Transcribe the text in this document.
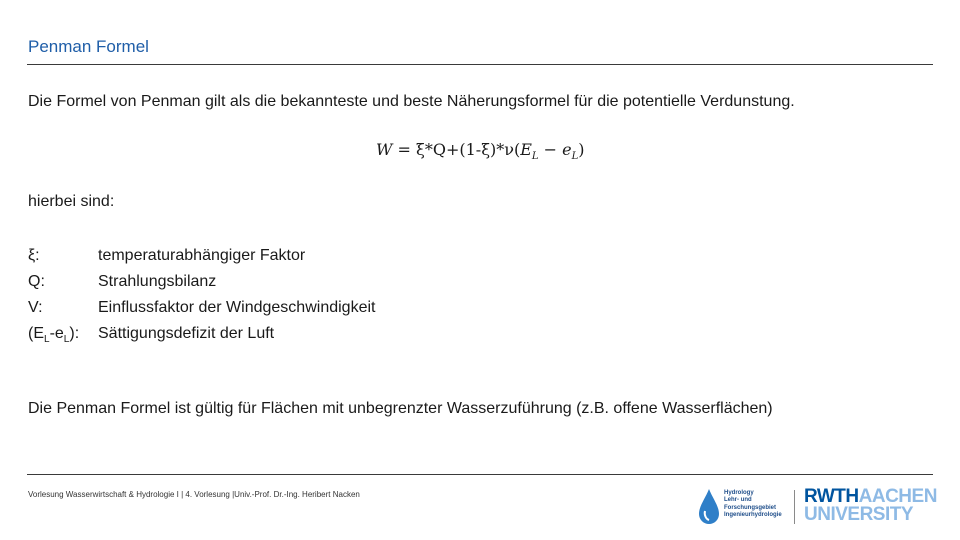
Penman Formel
Die Formel von Penman gilt als die bekannteste und beste Näherungsformel für die potentielle Verdunstung.
$W = \xi*Q+(1-\xi)*\nu(E_L - e_L)$
hierbei sind:
ξ:	temperaturabhängiger Faktor
Q:	Strahlungsbilanz
V:	Einflussfaktor der Windgeschwindigkeit
$(E_L-e_L)$:	Sättigungsdefizit der Luft
Die Penman Formel ist gültig für Flächen mit unbegrenzter Wasserzuführung (z.B. offene Wasserflächen)
Vorlesung Wasserwirtschaft & Hydrologie I | 4. Vorlesung |Univ.-Prof. Dr.-Ing. Heribert Nacken	Hydrology
Lehr- und
Forschungsgebiet
Ingenieurhydrologie
RWTHAACHEN
UNIVERSITY
